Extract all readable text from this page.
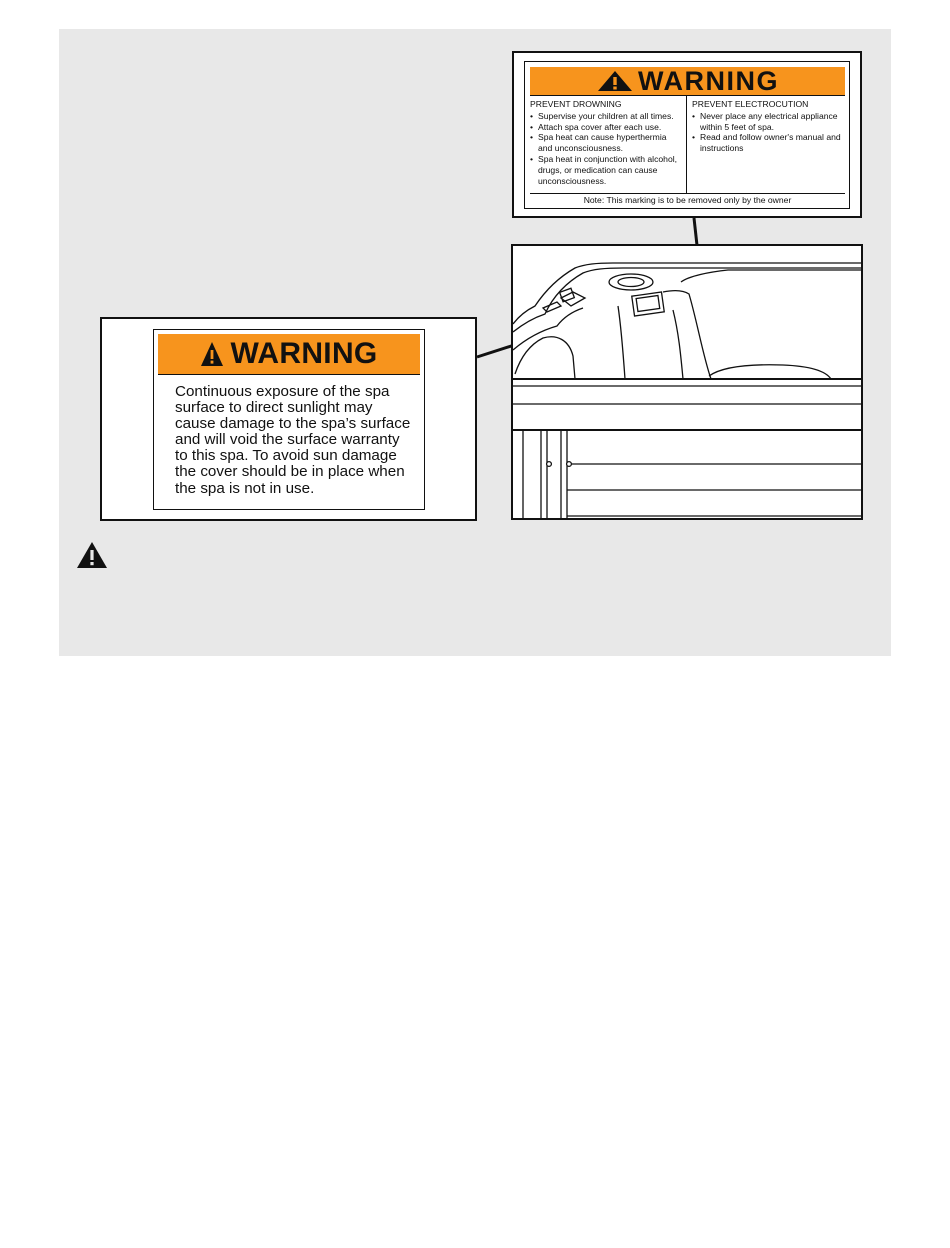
WARNING
PREVENT DROWNING
• Supervise your children at all times.
• Attach spa cover after each use.
• Spa heat can cause hyperthermia and unconsciousness.
• Spa heat in conjunction with alcohol, drugs, or medication can cause unconsciousness.
PREVENT ELECTROCUTION
• Never place any electrical appliance within 5 feet of spa.
• Read and follow owner's manual and instructions
Note: This marking is to be removed only by the owner
WARNING
Continuous exposure of the spa
surface to direct sunlight may
cause damage to the spa’s surface
and will void the surface warranty
to this spa. To avoid sun damage
the cover should be in place when
the spa is not in use.
